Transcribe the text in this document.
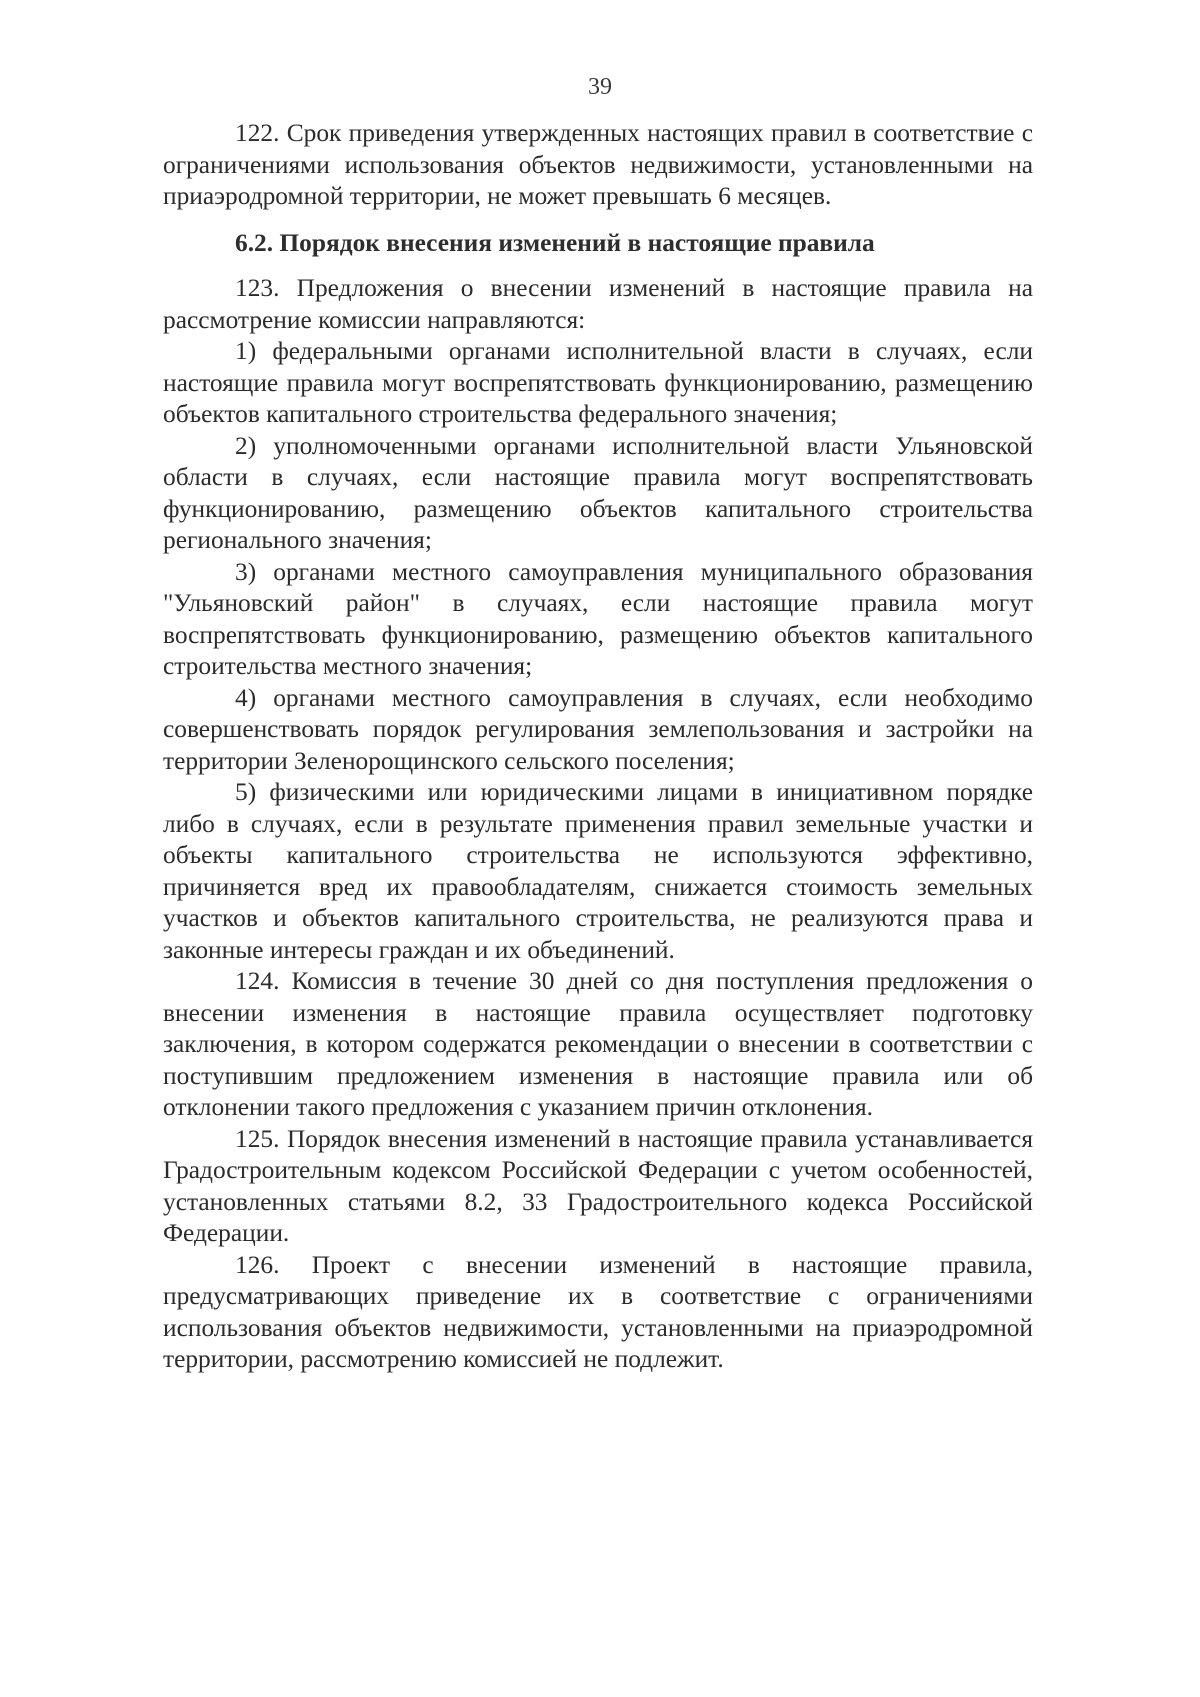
39

122. Срок приведения утвержденных настоящих правил в соответствие с ограничениями использования объектов недвижимости, установленными на приаэродромной территории, не может превышать 6 месяцев.

6.2. Порядок внесения изменений в настоящие правила

123. Предложения о внесении изменений в настоящие правила на рассмотрение комиссии направляются:

1) федеральными органами исполнительной власти в случаях, если настоящие правила могут воспрепятствовать функционированию, размещению объектов капитального строительства федерального значения;

2) уполномоченными органами исполнительной власти Ульяновской области в случаях, если настоящие правила могут воспрепятствовать функционированию, размещению объектов капитального строительства регионального значения;

3) органами местного самоуправления муниципального образования "Ульяновский район" в случаях, если настоящие правила могут воспрепятствовать функционированию, размещению объектов капитального строительства местного значения;

4) органами местного самоуправления в случаях, если необходимо совершенствовать порядок регулирования землепользования и застройки на территории Зеленорощинского сельского поселения;

5) физическими или юридическими лицами в инициативном порядке либо в случаях, если в результате применения правил земельные участки и объекты капитального строительства не используются эффективно, причиняется вред их правообладателям, снижается стоимость земельных участков и объектов капитального строительства, не реализуются права и законные интересы граждан и их объединений.

124. Комиссия в течение 30 дней со дня поступления предложения о внесении изменения в настоящие правила осуществляет подготовку заключения, в котором содержатся рекомендации о внесении в соответствии с поступившим предложением изменения в настоящие правила или об отклонении такого предложения с указанием причин отклонения.

125. Порядок внесения изменений в настоящие правила устанавливается Градостроительным кодексом Российской Федерации с учетом особенностей, установленных статьями 8.2, 33 Градостроительного кодекса Российской Федерации.

126. Проект с внесении изменений в настоящие правила, предусматривающих приведение их в соответствие с ограничениями использования объектов недвижимости, установленными на приаэродромной территории, рассмотрению комиссией не подлежит.
